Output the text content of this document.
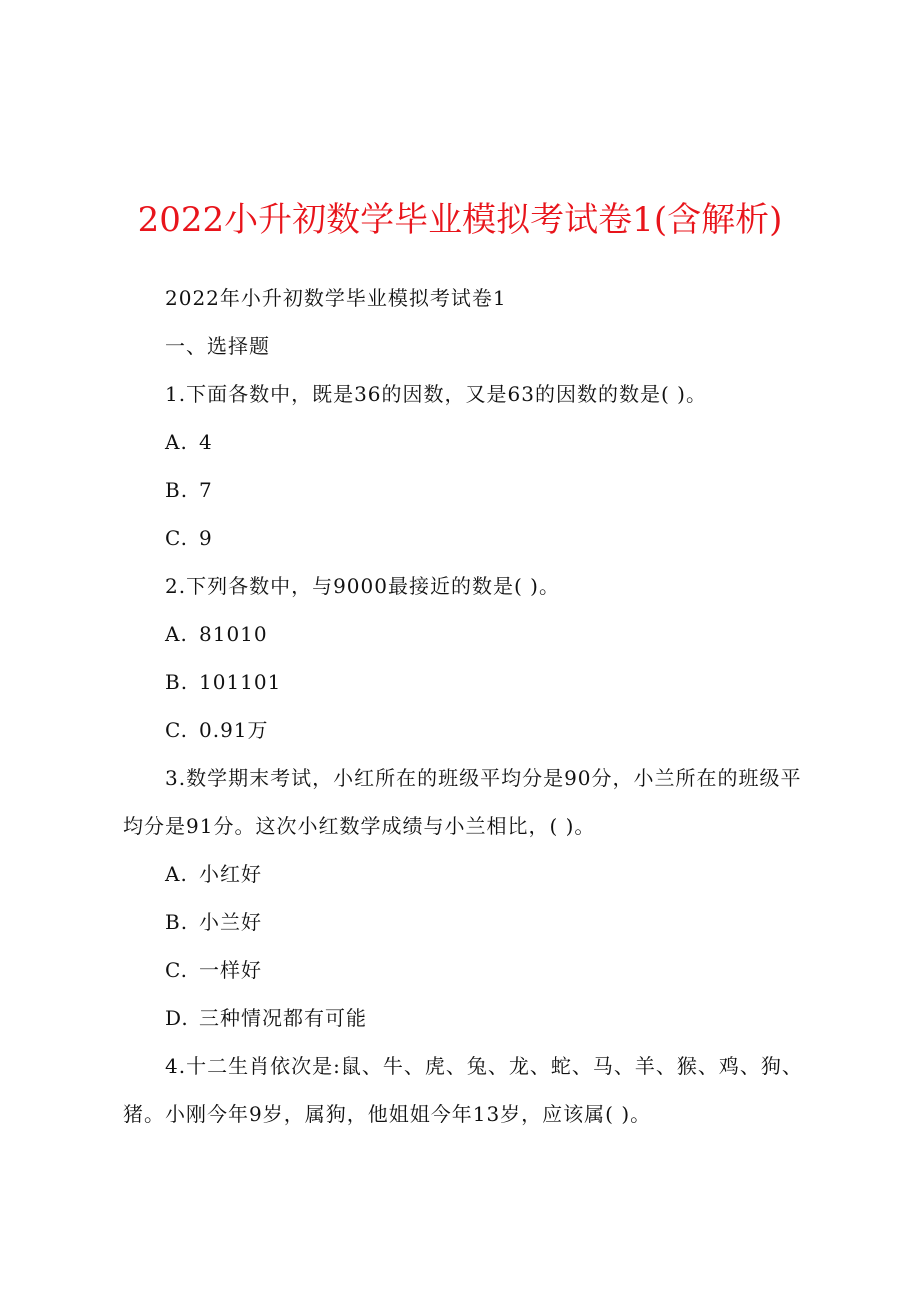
2022小升初数学毕业模拟考试卷1(含解析)
2022年小升初数学毕业模拟考试卷1
一、选择题
1.下面各数中，既是36的因数，又是63的因数的数是( )。
A. 4
B. 7
C. 9
2.下列各数中，与9000最接近的数是( )。
A. 81010
B. 101101
C. 0.91万
3.数学期末考试，小红所在的班级平均分是90分，小兰所在的班级平均分是91分。这次小红数学成绩与小兰相比，( )。
A. 小红好
B. 小兰好
C. 一样好
D. 三种情况都有可能
4.十二生肖依次是:鼠、牛、虎、兔、龙、蛇、马、羊、猴、鸡、狗、猪。小刚今年9岁，属狗，他姐姐今年13岁，应该属( )。
